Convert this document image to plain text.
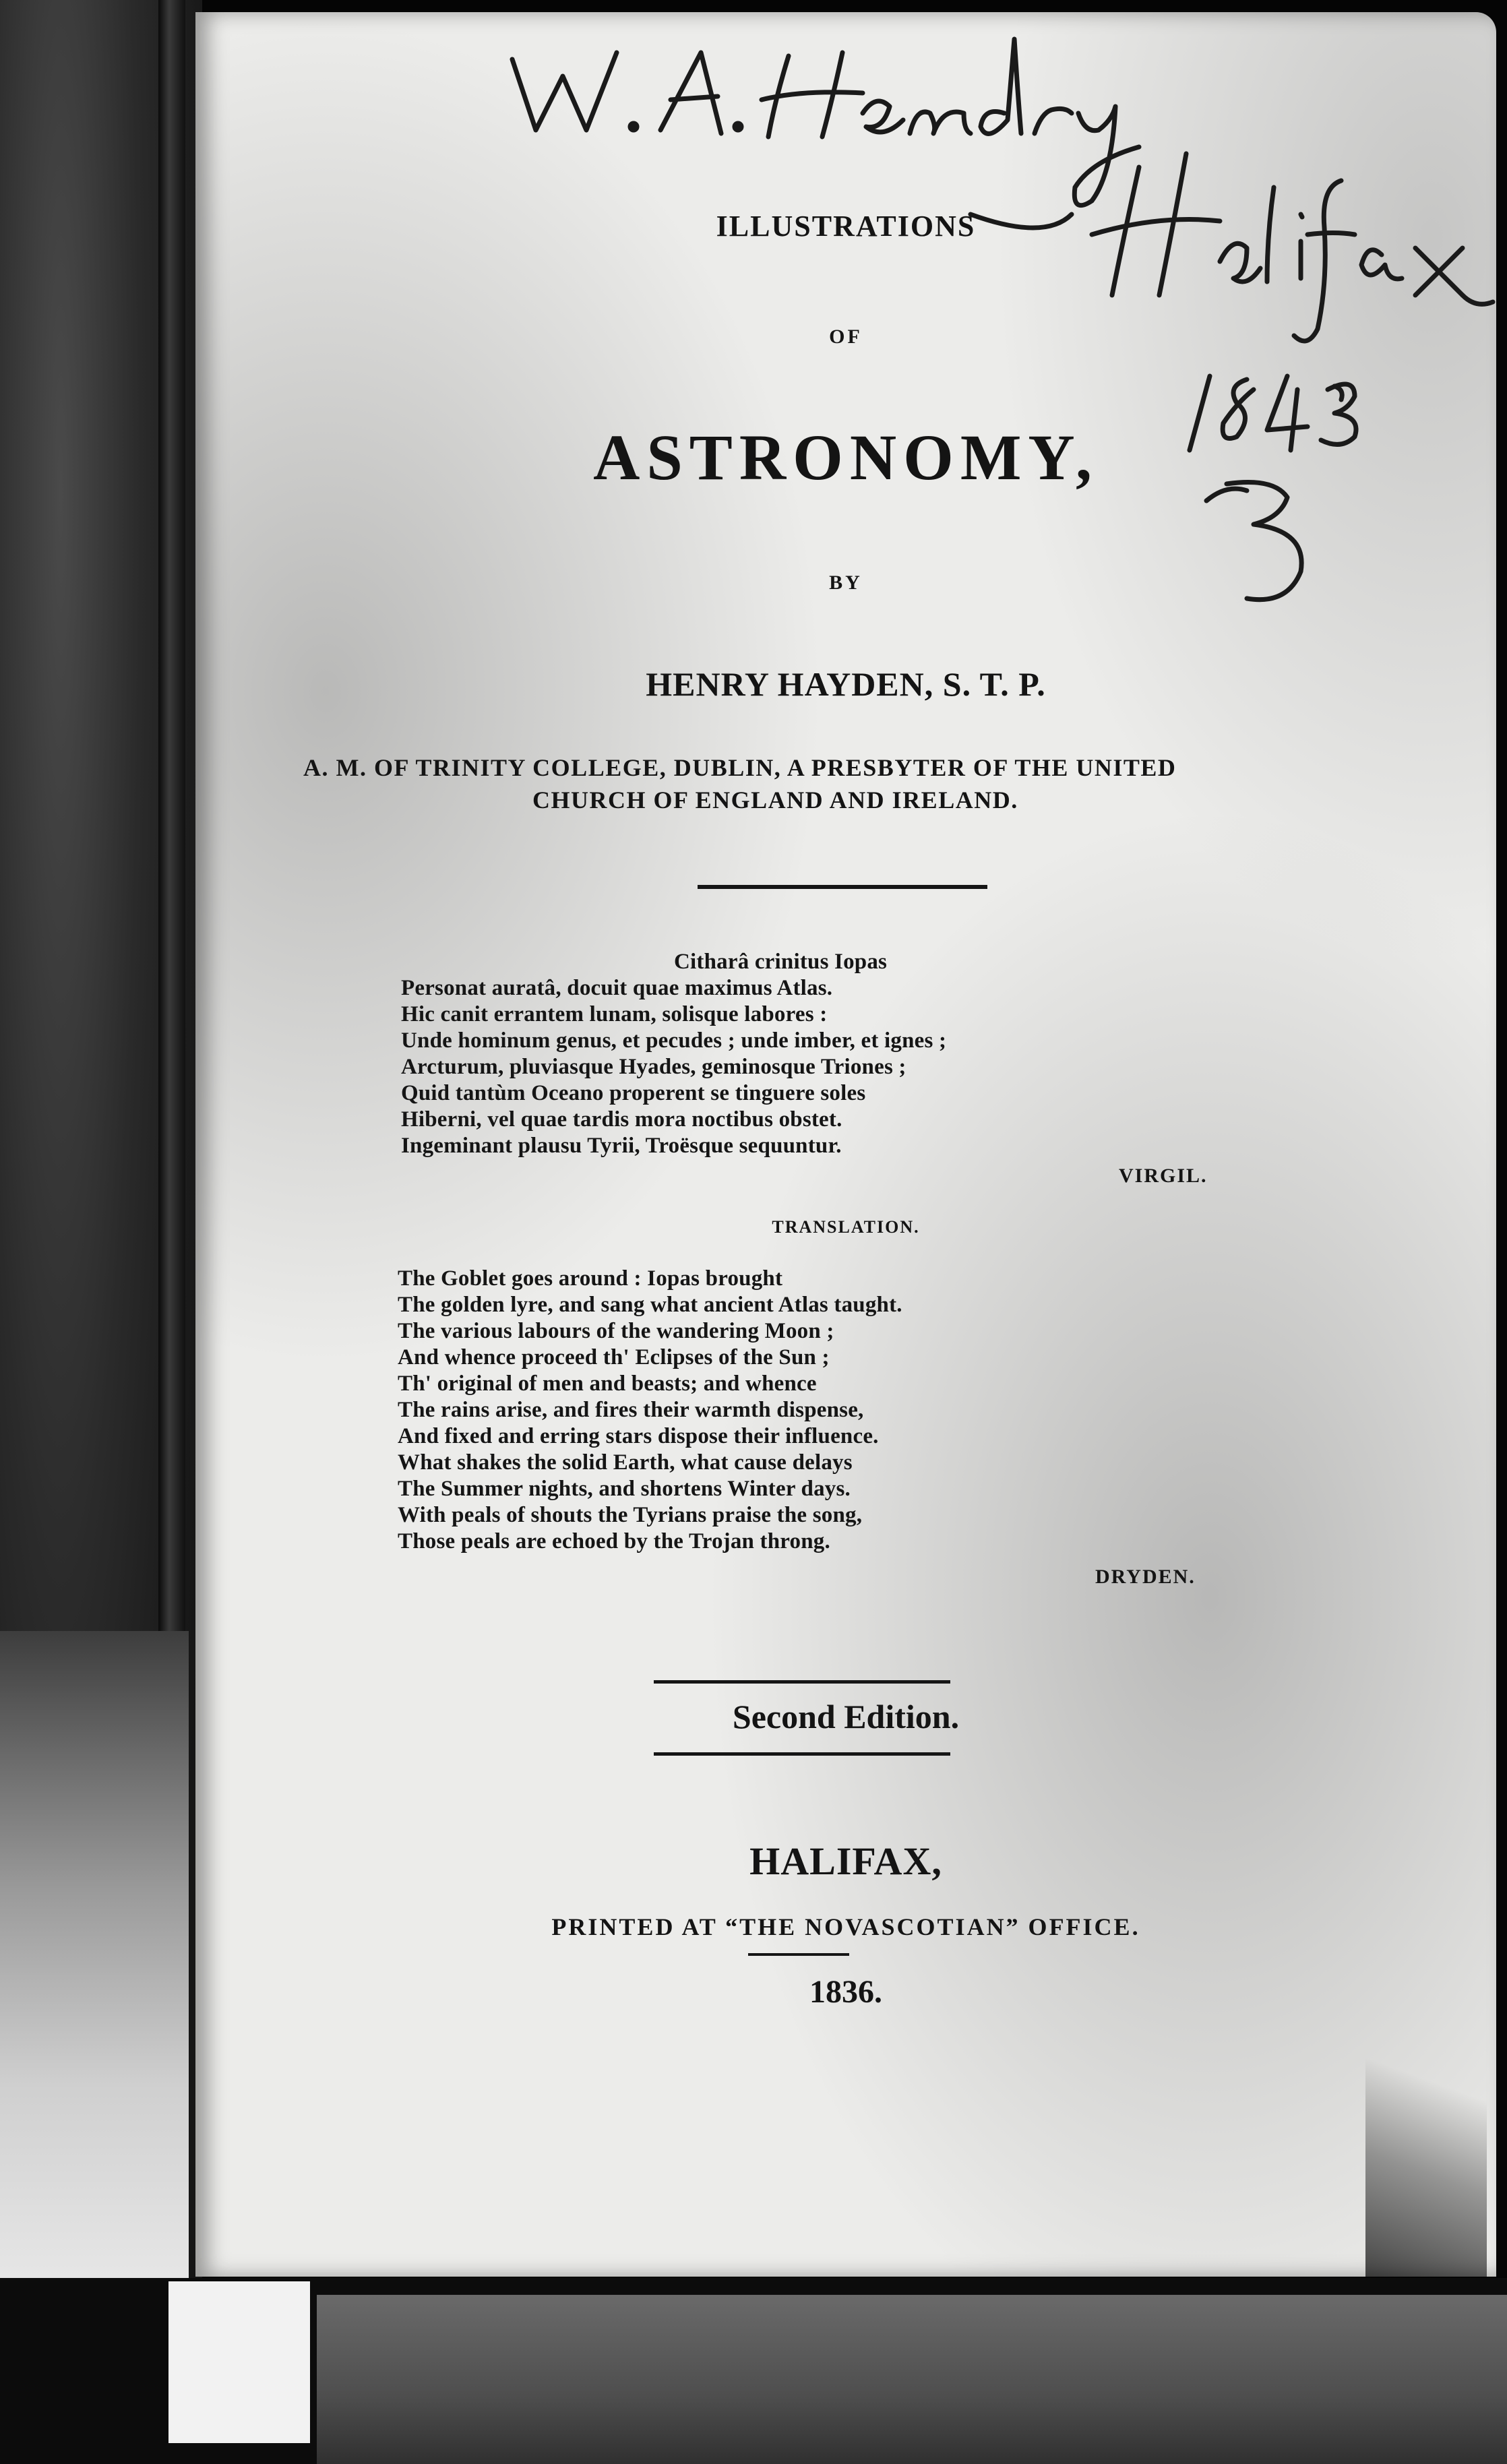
ILLUSTRATIONS

OF

ASTRONOMY,

BY

HENRY HAYDEN, S. T. P.

A. M. OF TRINITY COLLEGE, DUBLIN, A PRESBYTER OF THE UNITED

CHURCH OF ENGLAND AND IRELAND.

Citharâ crinitus Iopas
Personat auratâ, docuit quae maximus Atlas.
Hic canit errantem lunam, solisque labores :
Unde hominum genus, et pecudes ; unde imber, et ignes ;
Arcturum, pluviasque Hyades, geminosque Triones ;
Quid tantùm Oceano properent se tinguere soles
Hiberni, vel quae tardis mora noctibus obstet.
Ingeminant plausu Tyrii, Troësque sequuntur.

VIRGIL.

TRANSLATION.

The Goblet goes around : Iopas brought
The golden lyre, and sang what ancient Atlas taught.
The various labours of the wandering Moon ;
And whence proceed th' Eclipses of the Sun ;
Th' original of men and beasts; and whence
The rains arise, and fires their warmth dispense,
And fixed and erring stars dispose their influence.
What shakes the solid Earth, what cause delays
The Summer nights, and shortens Winter days.
With peals of shouts the Tyrians praise the song,
Those peals are echoed by the Trojan throng.

DRYDEN.

Second Edition.

HALIFAX,

PRINTED AT “THE NOVASCOTIAN” OFFICE.

1836.
